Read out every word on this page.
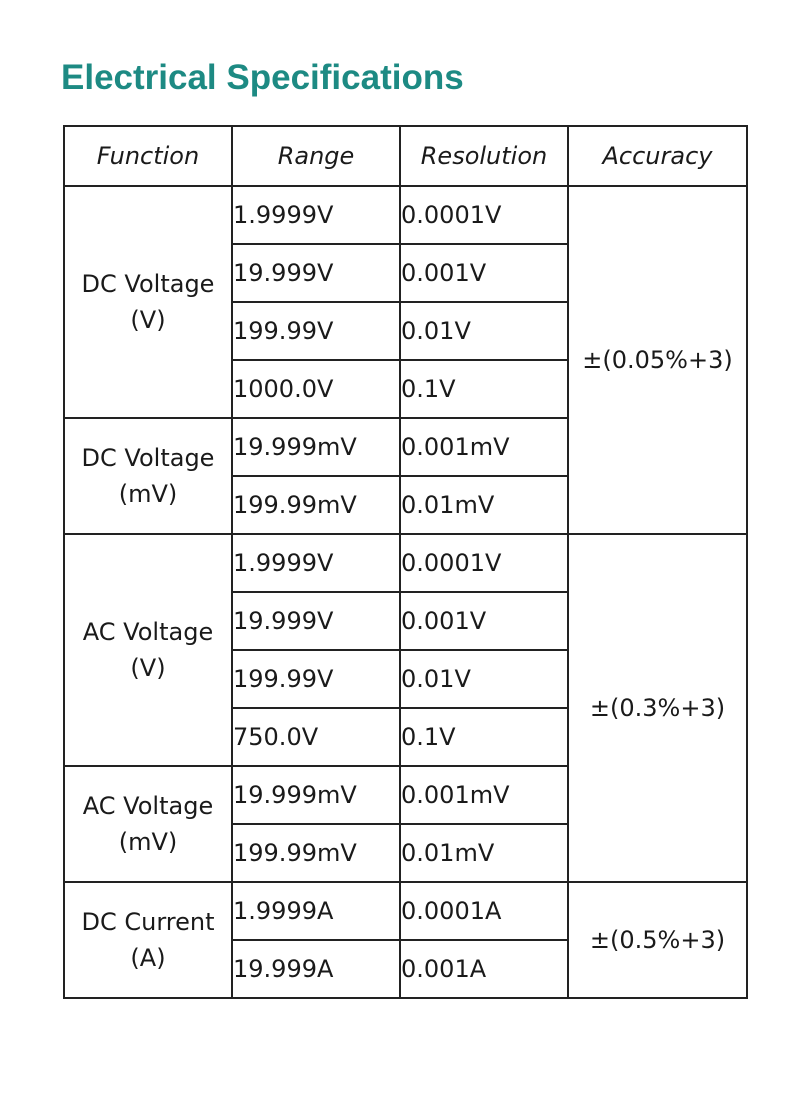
Electrical Specifications
Function	Range	Resolution	Accuracy
DC Voltage
(V)	1.9999V	0.0001V	±(0.05%+3)
	19.999V	0.001V	
	199.99V	0.01V	
	1000.0V	0.1V	
DC Voltage
(mV)	19.999mV	0.001mV	
	199.99mV	0.01mV	
AC Voltage
(V)	1.9999V	0.0001V	±(0.3%+3)
	19.999V	0.001V	
	199.99V	0.01V	
	750.0V	0.1V	
AC Voltage
(mV)	19.999mV	0.001mV	
	199.99mV	0.01mV	
DC Current
(A)	1.9999A	0.0001A	±(0.5%+3)
	19.999A	0.001A	
